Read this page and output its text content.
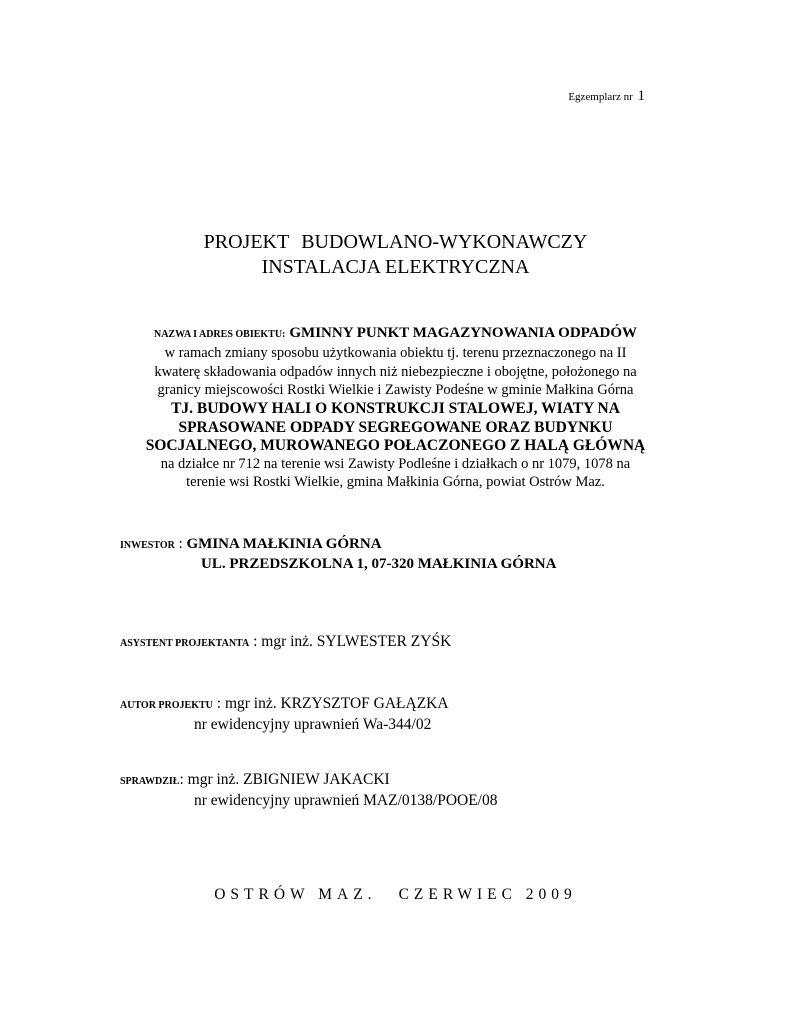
Egzemplarz nr 1
PROJEKT BUDOWLANO-WYKONAWCZY
INSTALACJA ELEKTRYCZNA
NAZWA I ADRES OBIEKTU: GMINNY PUNKT MAGAZYNOWANIA ODPADÓW
w ramach zmiany sposobu użytkowania obiektu tj. terenu przeznaczonego na II
kwaterę składowania odpadów innych niż niebezpieczne i obojętne, położonego na
granicy miejscowości Rostki Wielkie i Zawisty Podeśne w gminie Małkina Górna
TJ. BUDOWY HALI O KONSTRUKCJI STALOWEJ, WIATY NA
SPRASOWANE ODPADY SEGREGOWANE ORAZ BUDYNKU
SOCJALNEGO, MUROWANEGO POŁACZONEGO Z HALĄ GŁÓWNĄ
na działce nr 712 na terenie wsi Zawisty Podleśne i działkach o nr 1079, 1078 na
terenie wsi Rostki Wielkie, gmina Małkinia Górna, powiat Ostrów Maz.
INWESTOR : GMINA MAŁKINIA GÓRNA
UL. PRZEDSZKOLNA 1, 07-320 MAŁKINIA GÓRNA
ASYSTENT PROJEKTANTA : mgr inż. SYLWESTER ZYŚK
AUTOR PROJEKTU : mgr inż. KRZYSZTOF GAŁĄZKA
nr ewidencyjny uprawnień Wa-344/02
SPRAWDZIŁ: mgr inż. ZBIGNIEW JAKACKI
nr ewidencyjny uprawnień MAZ/0138/POOE/08
OSTRÓW MAZ. CZERWIEC 2009
